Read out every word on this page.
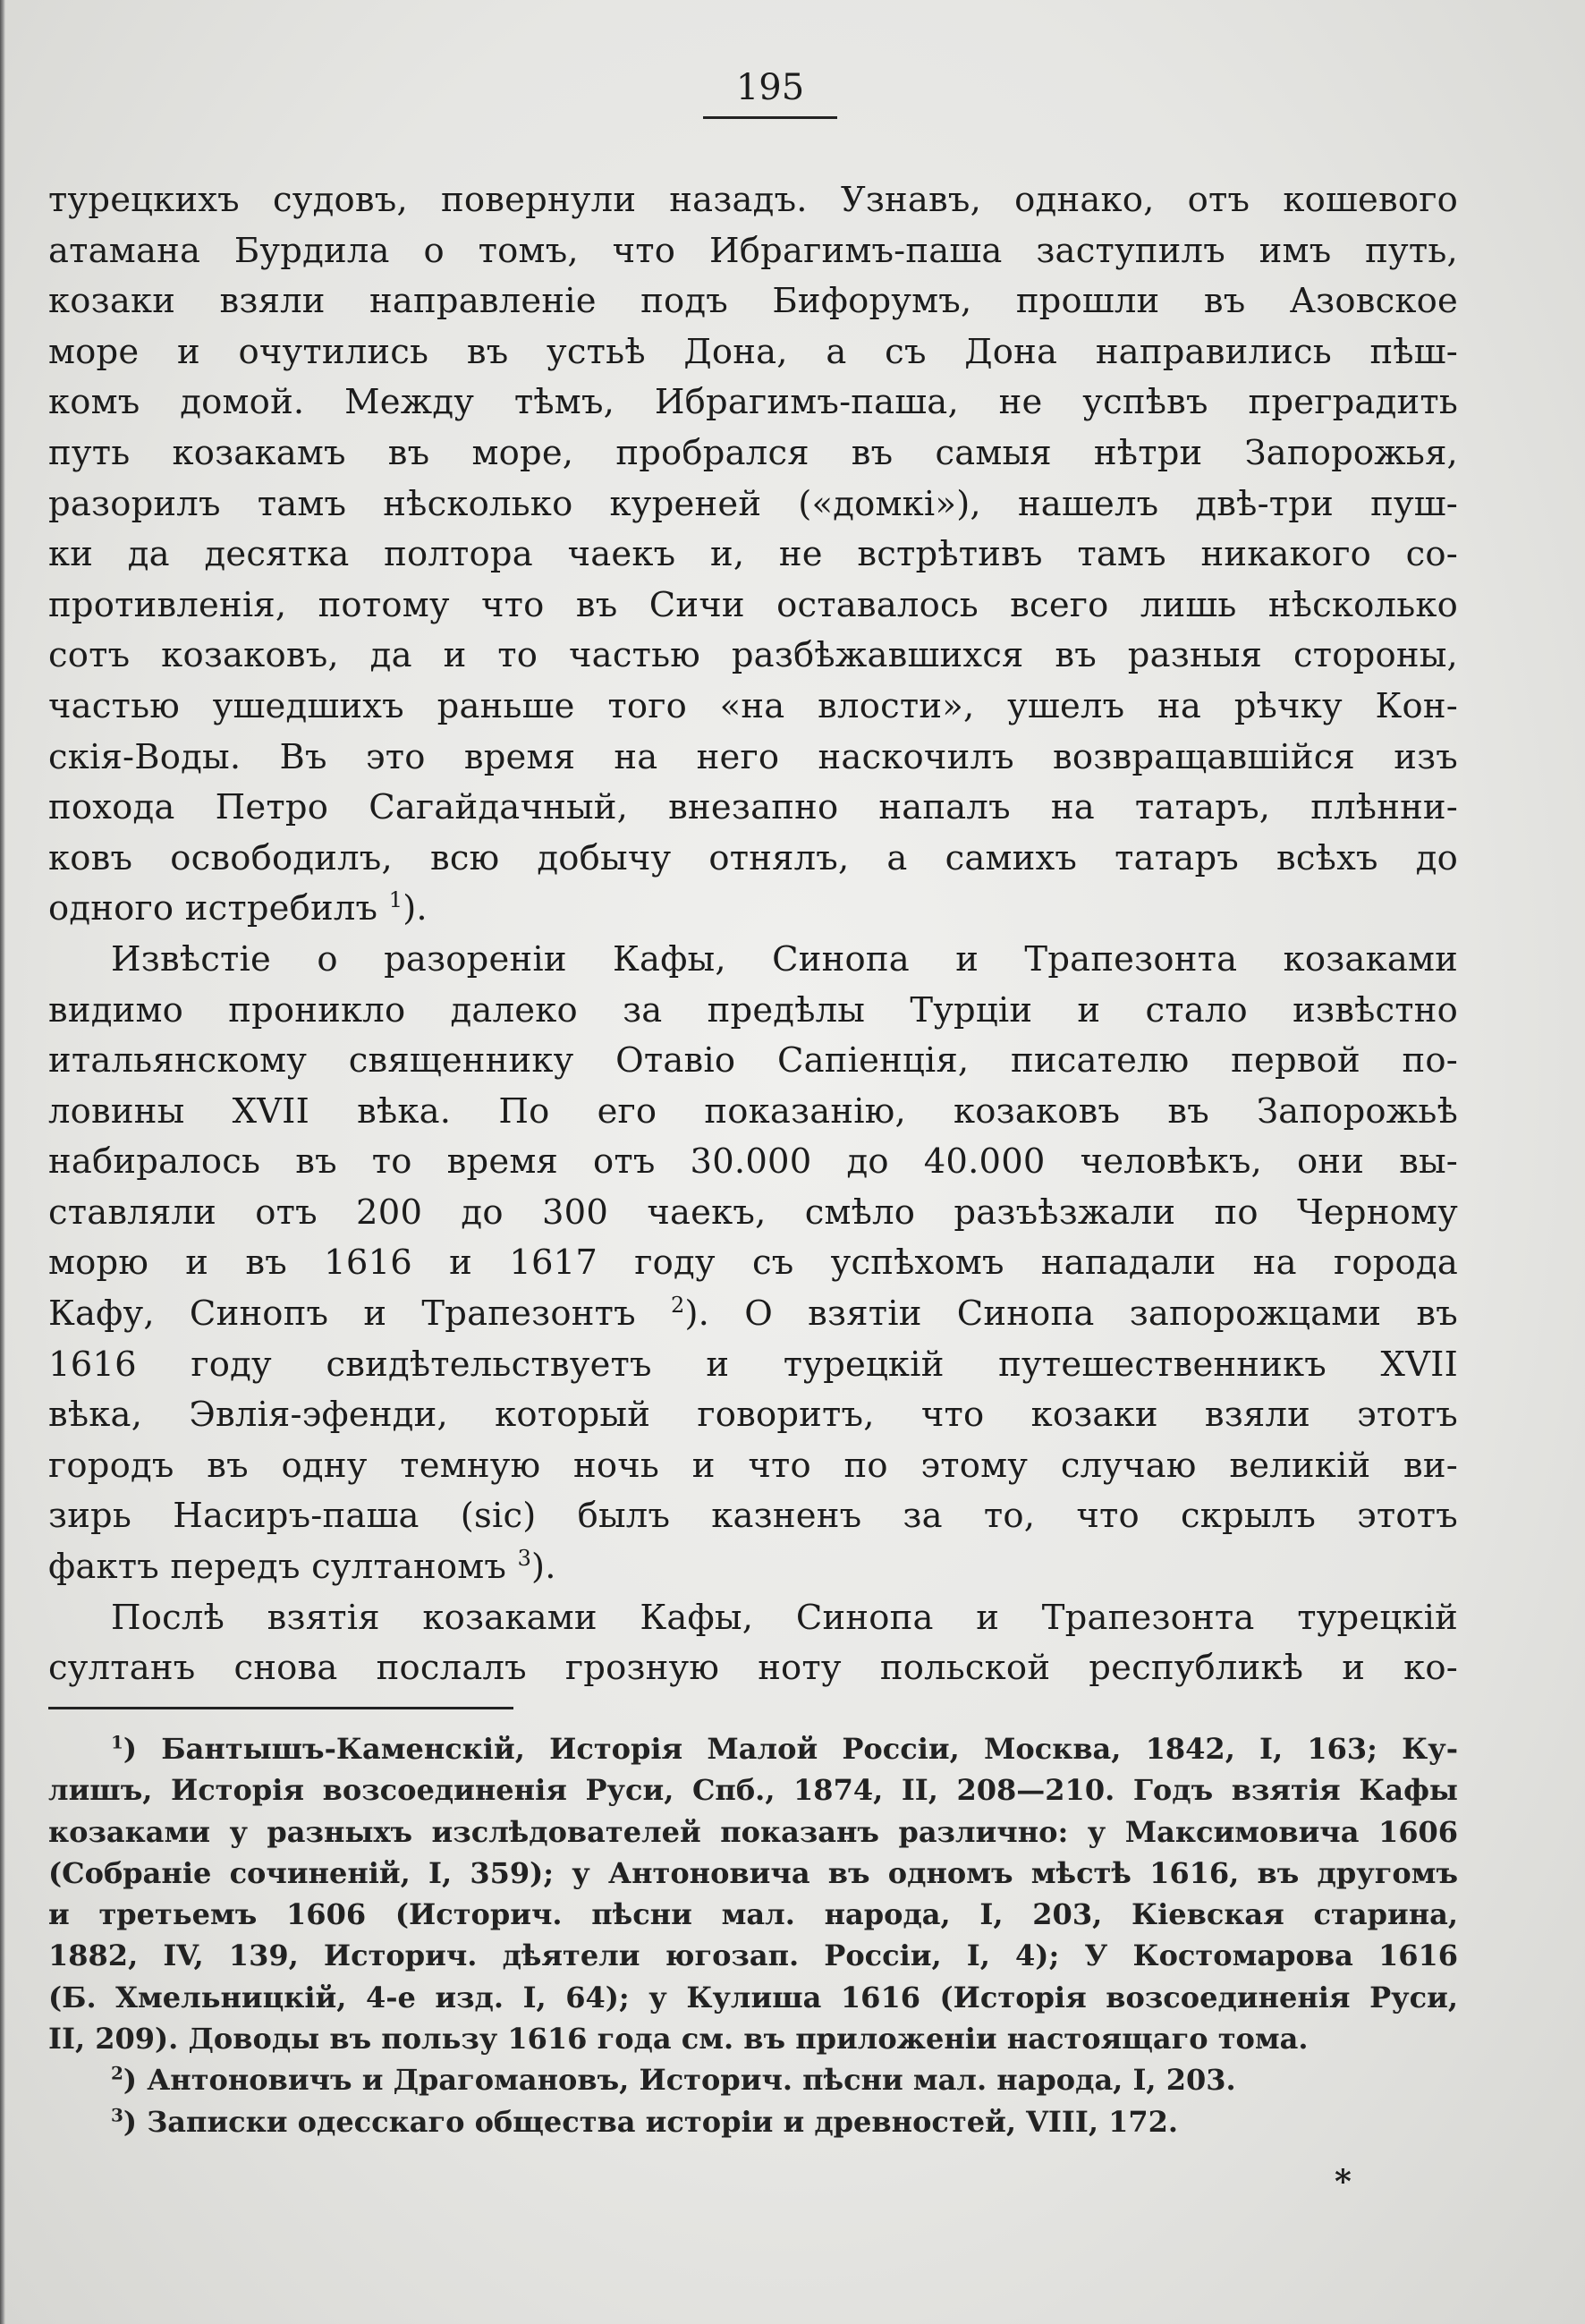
195

турецкихъ судовъ, повернули назадъ. Узнавъ, однако, отъ кошевого
атамана Бурдила о томъ, что Ибрагимъ-паша заступилъ имъ путь,
козаки взяли направленіе подъ Бифорумъ, прошли въ Азовское
море и очутились въ устьѣ Дона, а съ Дона направились пѣш-
комъ домой. Между тѣмъ, Ибрагимъ-паша, не успѣвъ преградить
путь козакамъ въ море, пробрался въ самыя нѣтри Запорожья,
разорилъ тамъ нѣсколько куреней («домкі»), нашелъ двѣ-три пуш-
ки да десятка полтора чаекъ и, не встрѣтивъ тамъ никакого со-
противленія, потому что въ Сичи оставалось всего лишь нѣсколько
сотъ козаковъ, да и то частью разбѣжавшихся въ разныя стороны,
частью ушедшихъ раньше того «на влости», ушелъ на рѣчку Кон-
скія-Воды. Въ это время на него наскочилъ возвращавшійся изъ
похода Петро Сагайдачный, внезапно напалъ на татаръ, плѣнни-
ковъ освободилъ, всю добычу отнялъ, а самихъ татаръ всѣхъ до
одного истребилъ $^1$).

Извѣстіе о разореніи Кафы, Синопа и Трапезонта козаками
видимо проникло далеко за предѣлы Турціи и стало извѣстно
итальянскому священнику Отавіо Сапіенція, писателю первой по-
ловины XVII вѣка. По его показанію, козаковъ въ Запорожьѣ
набиралось въ то время отъ 30.000 до 40.000 человѣкъ, они вы-
ставляли отъ 200 до 300 чаекъ, смѣло разъѣзжали по Черному
морю и въ 1616 и 1617 году съ успѣхомъ нападали на города
Кафу, Синопъ и Трапезонтъ $^2$). О взятіи Синопа запорожцами въ
1616 году свидѣтельствуетъ и турецкій путешественникъ XVII
вѣка, Эвлія-эфенди, который говоритъ, что козаки взяли этотъ
городъ въ одну темную ночь и что по этому случаю великій ви-
зирь Насиръ-паша (sic) былъ казненъ за то, что скрылъ этотъ
фактъ передъ султаномъ $^3$).

Послѣ взятія козаками Кафы, Синопа и Трапезонта турецкій
султанъ снова послалъ грозную ноту польской республикѣ и ко-

$^1$) Бантышъ-Каменскій, Исторія Малой Россіи, Москва, 1842, I, 163; Ку-
лишъ, Исторія возсоединенія Руси, Спб., 1874, II, 208—210. Годъ взятія Кафы
козаками у разныхъ изслѣдователей показанъ различно: у Максимовича 1606
(Собраніе сочиненій, I, 359); у Антоновича въ одномъ мѣстѣ 1616, въ другомъ
и третьемъ 1606 (Историч. пѣсни мал. народа, I, 203, Кіевская старина,
1882, IV, 139, Историч. дѣятели югозап. Россіи, I, 4); У Костомарова 1616
(Б. Хмельницкій, 4-е изд. I, 64); у Кулиша 1616 (Исторія возсоединенія Руси,
II, 209). Доводы въ пользу 1616 года см. въ приложеніи настоящаго тома.
$^2$) Антоновичъ и Драгомановъ, Историч. пѣсни мал. народа, I, 203.
$^3$) Записки одесскаго общества исторіи и древностей, VIII, 172.
*
